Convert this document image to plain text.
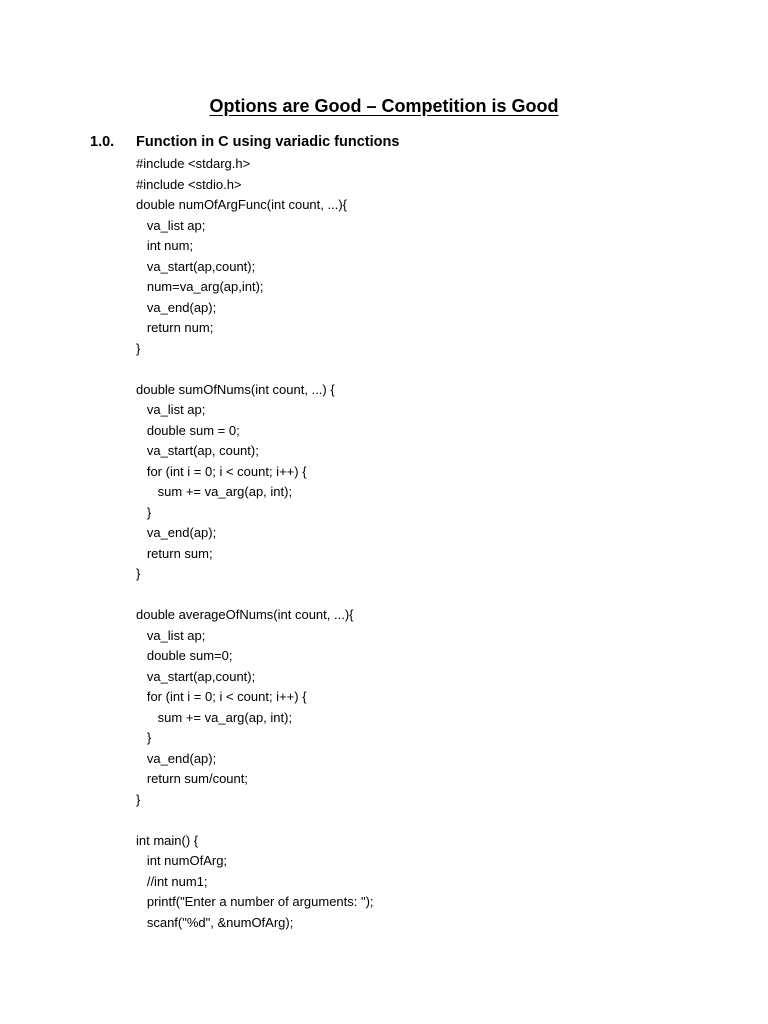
Options are Good – Competition is Good
1.0. Function in C using variadic functions
#include <stdarg.h>
#include <stdio.h>
double numOfArgFunc(int count, ...){
va_list ap;
int num;
va_start(ap,count);
num=va_arg(ap,int);
va_end(ap);
return num;
}
double sumOfNums(int count, ...) {
va_list ap;
double sum = 0;
va_start(ap, count);
for (int i = 0; i < count; i++) {
sum += va_arg(ap, int);
}
va_end(ap);
return sum;
}
double averageOfNums(int count, ...){
va_list ap;
double sum=0;
va_start(ap,count);
for (int i = 0; i < count; i++) {
sum += va_arg(ap, int);
}
va_end(ap);
return sum/count;
}
int main() {
int numOfArg;
//int num1;
printf("Enter a number of arguments: ");
scanf("%d", &numOfArg);
